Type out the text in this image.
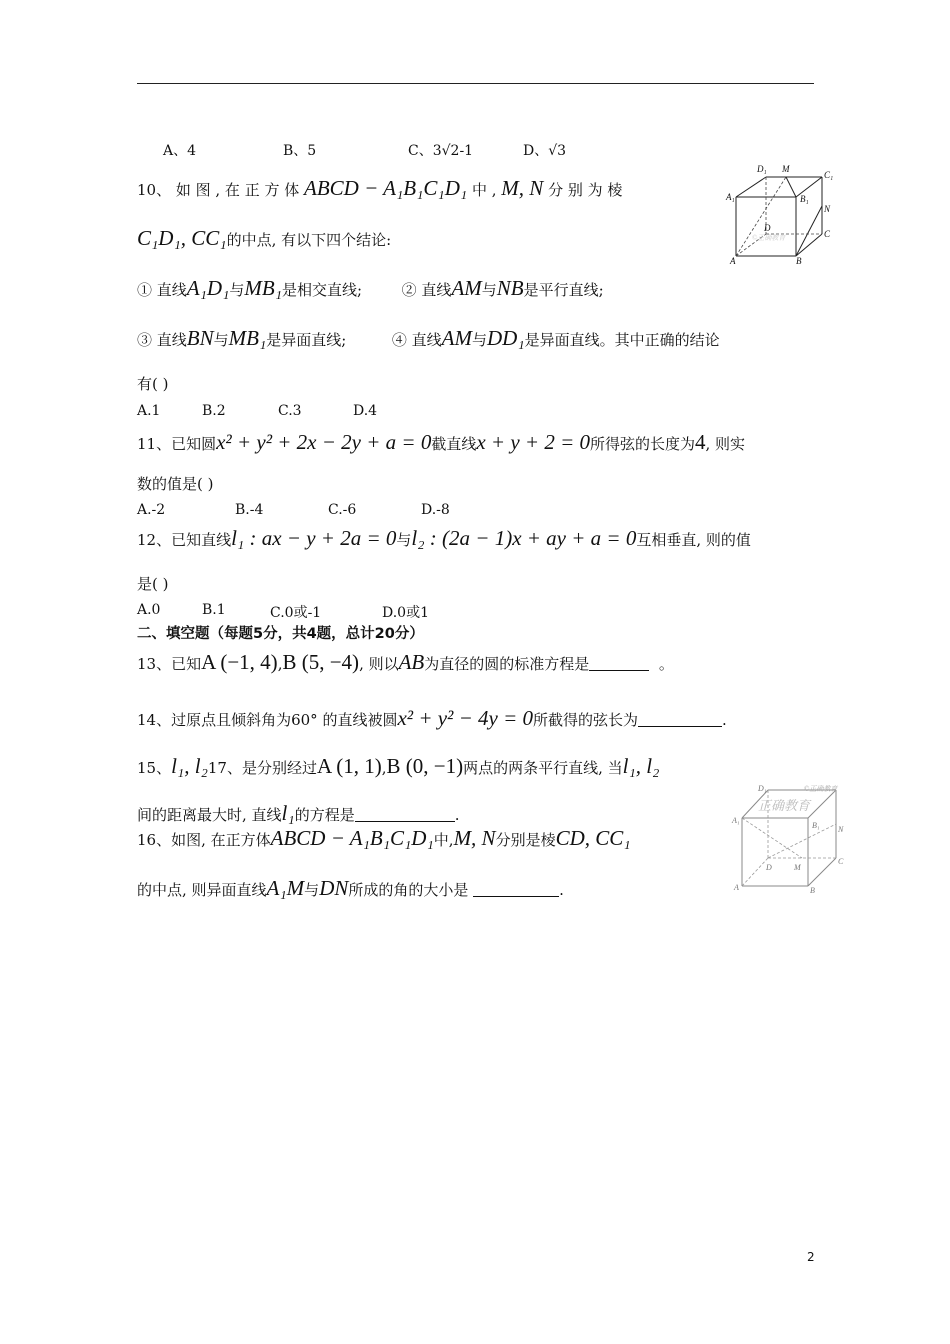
A、4	B、5	C、3√2-1	D、√3
10、 如 图 , 在 正 方 体 ABCD − A₁B₁C₁D₁ 中 , M, N 分 别 为 棱
C₁D₁, CC₁的中点, 有以下四个结论:
① 直线A₁D₁与MB₁是相交直线;	② 直线AM与NB是平行直线;
③ 直线BN与MB₁是异面直线;	④ 直线AM与DD₁是异面直线。其中正确的结论
有( )
A.1	B.2	C.3	D.4
11、已知圆x² + y² + 2x − 2y + a = 0截直线x + y + 2 = 0所得弦的长度为4, 则实
数的值是( )
A.-2	B.-4	C.-6	D.-8
12、已知直线l₁ : ax − y + 2a = 0与l₂ : (2a − 1)x + ay + a = 0互相垂直, 则的值
是( )
A.0	B.1	C.0或-1	D.0或1
二、填空题（每题5分，共4题，总计20分）
13、已知A (−1, 4),B (5, −4), 则以AB为直径的圆的标准方程是	。
14、过原点且倾斜角为60° 的直线被圆x² + y² − 4y = 0所截得的弦长为	.
15、l₁, l₂17、是分别经过A (1, 1),B (0, −1)两点的两条平行直线, 当l₁, l₂
间的距离最大时, 直线l₁的方程是	.
16、如图, 在正方体ABCD − A₁B₁C₁D₁中,M, N分别是棱CD, CC₁
的中点, 则异面直线A₁M与DN所成的角的大小是	.
©正确教育
D₁ M
C₁
A₁	B₁
N
D
C
A	B
正确教育
©正确教育
D₁
A₁
B₁ N
D	M
C
A	B
2
